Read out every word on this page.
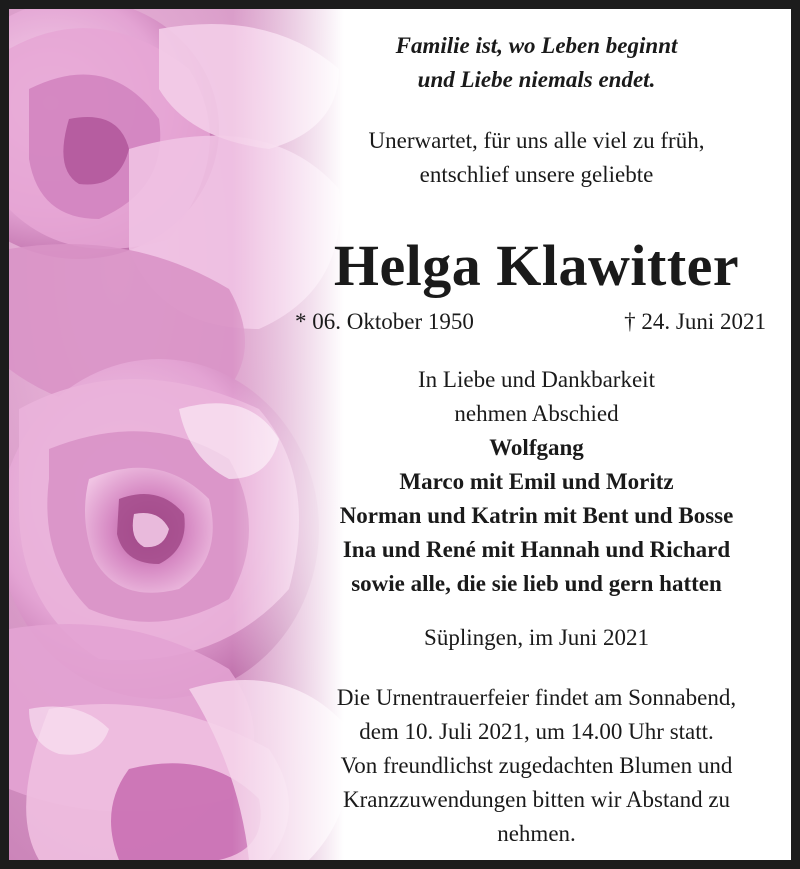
Familie ist, wo Leben beginnt
und Liebe niemals endet.
Unerwartet, für uns alle viel zu früh,
entschlief unsere geliebte
Helga Klawitter
* 06. Oktober 1950	† 24. Juni 2021
In Liebe und Dankbarkeit
nehmen Abschied
Wolfgang
Marco mit Emil und Moritz
Norman und Katrin mit Bent und Bosse
Ina und René mit Hannah und Richard
sowie alle, die sie lieb und gern hatten
Süplingen, im Juni 2021
Die Urnentrauerfeier findet am Sonnabend,
dem 10. Juli 2021, um 14.00 Uhr statt.
Von freundlichst zugedachten Blumen und
Kranzzuwendungen bitten wir Abstand zu
nehmen.
